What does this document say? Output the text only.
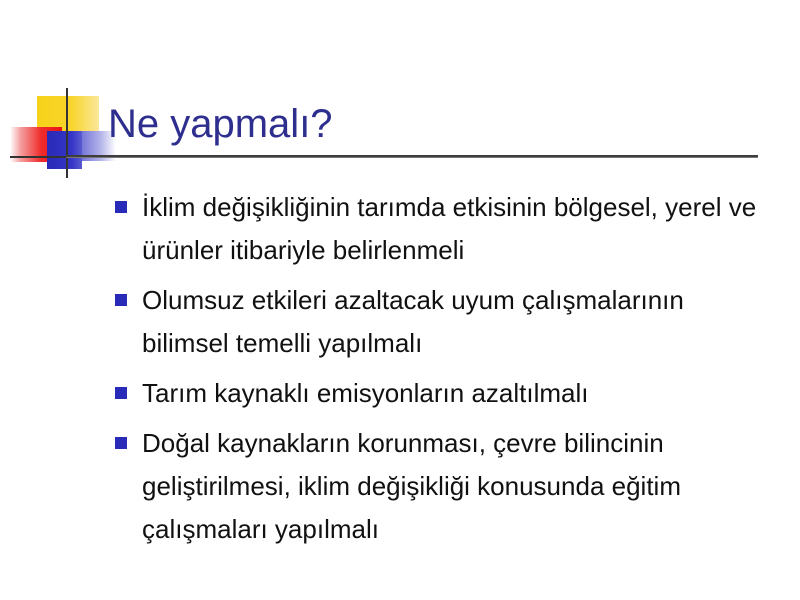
Ne yapmalı?
İklim değişikliğinin tarımda etkisinin bölgesel, yerel ve ürünler itibariyle belirlenmeli
Olumsuz etkileri azaltacak uyum çalışmalarının bilimsel temelli yapılmalı
Tarım kaynaklı emisyonların azaltılmalı
Doğal kaynakların korunması, çevre bilincinin geliştirilmesi, iklim değişikliği konusunda eğitim çalışmaları yapılmalı
